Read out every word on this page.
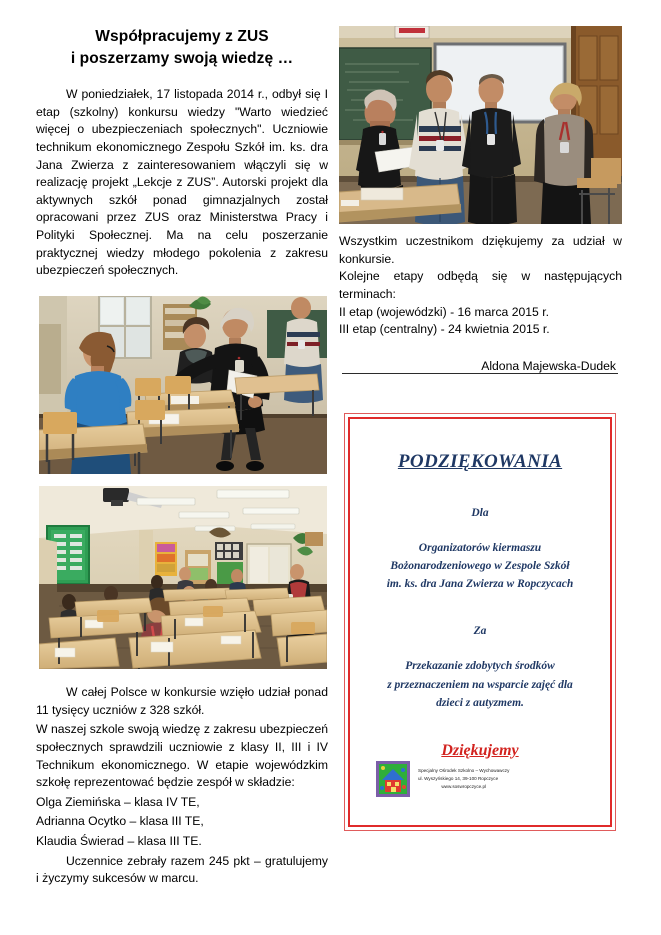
Współpracujemy z ZUS
i poszerzamy swoją wiedzę …

W poniedziałek, 17 listopada 2014 r., odbył się I etap (szkolny) konkursu wiedzy "Warto wiedzieć więcej o ubezpieczeniach społecznych". Uczniowie technikum ekonomicznego Zespołu Szkół im. ks. dra Jana Zwierza z zainteresowaniem włączyli się w realizację projekt „Lekcje z ZUS”. Autorski projekt dla aktywnych szkół ponad gimnazjalnych został opracowani przez ZUS oraz Ministerstwa Pracy i Polityki Społecznej. Ma na celu poszerzanie praktycznej wiedzy młodego pokolenia z zakresu ubezpieczeń społecznych.

Wszystkim uczestnikom dziękujemy za udział w konkursie.

Kolejne etapy odbędą się w następujących terminach:

II etap (wojewódzki) - 16 marca 2015 r.

III etap (centralny) - 24 kwietnia 2015 r.

Aldona Majewska-Dudek

PODZIĘKOWANIA
Dla
Organizatorów kiermaszu
Bożonarodzeniowego w Zespole Szkół
im. ks. dra Jana Zwierza w Ropczycach
Za
Przekazanie zdobytych środków
z przeznaczeniem na wsparcie zajęć dla
dzieci z autyzmem.
Dziękujemy
Specjalny Ośrodek Szkolno – Wychowawczy
ul. Wyszyńskiego 14, 39-100 Ropczyce
www.soswropczyce.pl

W całej Polsce w konkursie wzięło udział ponad 11 tysięcy uczniów z 328 szkół.

W naszej szkole swoją wiedzę z zakresu ubezpieczeń społecznych sprawdzili uczniowie z klasy II, III i IV Technikum ekonomicznego. W etapie wojewódzkim szkołę reprezentować będzie zespół w składzie:

Olga Ziemińska – klasa IV TE,

Adrianna Ocytko – klasa III TE,

Klaudia Świerad – klasa III TE.

Uczennice zebrały razem 245 pkt – gratulujemy i życzymy sukcesów w marcu.
